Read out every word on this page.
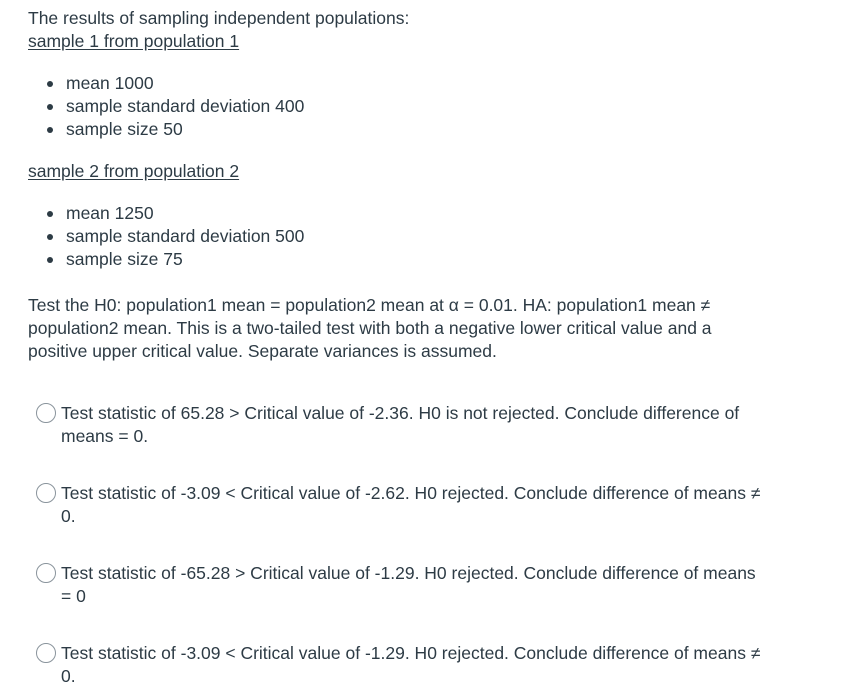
The results of sampling independent populations:

sample 1 from population 1

mean 1000
sample standard deviation 400
sample size 50

sample 2 from population 2

mean 1250
sample standard deviation 500
sample size 75

Test the H0: population1 mean = population2 mean at α = 0.01. HA: population1 mean ≠ population2 mean. This is a two-tailed test with both a negative lower critical value and a positive upper critical value. Separate variances is assumed.

Test statistic of 65.28 > Critical value of -2.36. H0 is not rejected. Conclude difference of means = 0.
Test statistic of -3.09 < Critical value of -2.62. H0 rejected. Conclude difference of means ≠ 0.
Test statistic of -65.28 > Critical value of -1.29. H0 rejected. Conclude difference of means = 0
Test statistic of -3.09 < Critical value of -1.29. H0 rejected. Conclude difference of means ≠ 0.
